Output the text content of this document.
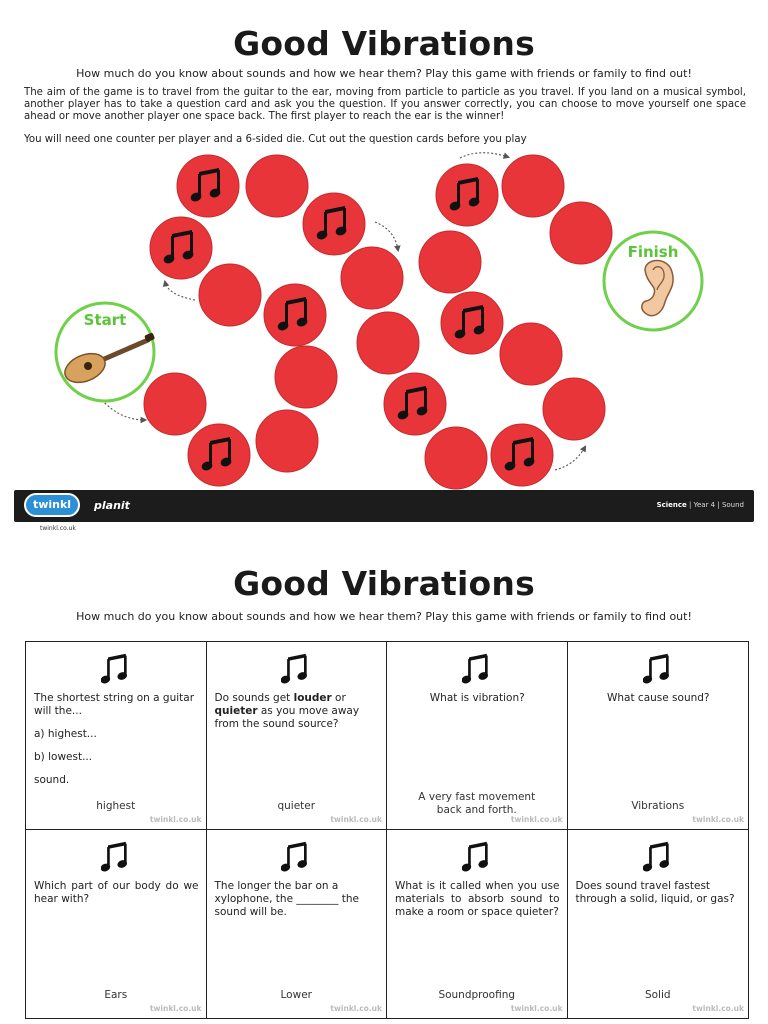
Good Vibrations
How much do you know about sounds and how we hear them? Play this game with friends or family to find out!
The aim of the game is to travel from the guitar to the ear, moving from particle to particle as you travel. If you land on a musical symbol, another player has to take a question card and ask you the question. If you answer correctly, you can choose to move yourself one space ahead or move another player one space back. The first player to reach the ear is the winner!
You will need one counter per player and a 6-sided die. Cut out the question cards before you play
Start
Finish
twinkl	planit	Science | Year 4 | Sound
twinkl.co.uk
Good Vibrations
How much do you know about sounds and how we hear them? Play this game with friends or family to find out!
The shortest string on a guitar will the...
a) highest...
b) lowest...
sound.
highest
twinkl.co.uk
Do sounds get louder or quieter as you move away from the sound source?
quieter
twinkl.co.uk
What is vibration?
A very fast movement back and forth.
twinkl.co.uk
What cause sound?
Vibrations
twinkl.co.uk
Which part of our body do we hear with?
Ears
twinkl.co.uk
The longer the bar on a xylophone, the ________ the sound will be.
Lower
twinkl.co.uk
What is it called when you use materials to absorb sound to make a room or space quieter?
Soundproofing
twinkl.co.uk
Does sound travel fastest through a solid, liquid, or gas?
Solid
twinkl.co.uk
